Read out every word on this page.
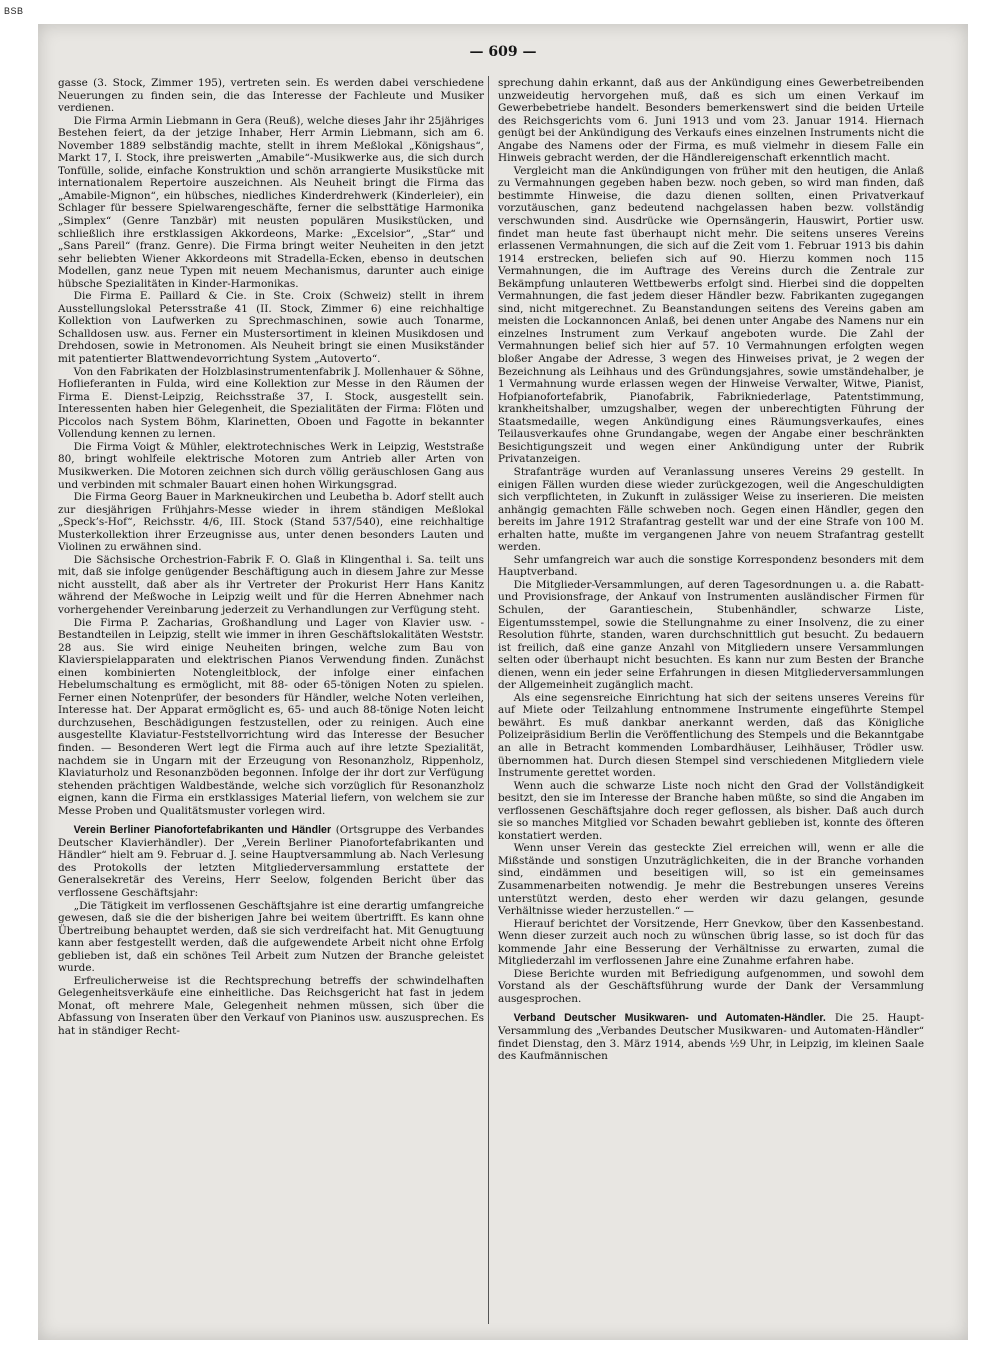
BSB
— 609 —

gasse (3. Stock, Zimmer 195), vertreten sein. Es werden dabei verschiedene Neuerungen zu finden sein, die das Interesse der Fachleute und Musiker verdienen.

Die Firma Armin Liebmann in Gera (Reuß), welche dieses Jahr ihr 25jähriges Bestehen feiert, da der jetzige Inhaber, Herr Armin Liebmann, sich am 6. November 1889 selbständig machte, stellt in ihrem Meßlokal „Königshaus“, Markt 17, I. Stock, ihre preiswerten „Amabile“-Musikwerke aus, die sich durch Tonfülle, solide, einfache Konstruktion und schön arrangierte Musikstücke mit internationalem Repertoire auszeichnen. Als Neuheit bringt die Firma das „Amabile-Mignon“, ein hübsches, niedliches Kinderdrehwerk (Kinderleier), ein Schlager für bessere Spielwarengeschäfte, ferner die selbsttätige Harmonika „Simplex“ (Genre Tanzbär) mit neusten populären Musikstücken, und schließlich ihre erstklassigen Akkordeons, Marke: „Excelsior“, „Star“ und „Sans Pareil“ (franz. Genre). Die Firma bringt weiter Neuheiten in den jetzt sehr beliebten Wiener Akkordeons mit Stradella-Ecken, ebenso in deutschen Modellen, ganz neue Typen mit neuem Mechanismus, darunter auch einige hübsche Spezialitäten in Kinder-Harmonikas.

Die Firma E. Paillard & Cie. in Ste. Croix (Schweiz) stellt in ihrem Ausstellungslokal Petersstraße 41 (II. Stock, Zimmer 6) eine reichhaltige Kollektion von Laufwerken zu Sprechmaschinen, sowie auch Tonarme, Schalldosen usw. aus. Ferner ein Mustersortiment in kleinen Musikdosen und Drehdosen, sowie in Metronomen. Als Neuheit bringt sie einen Musikständer mit patentierter Blattwendevorrichtung System „Autoverto“.

Von den Fabrikaten der Holzblasinstrumentenfabrik J. Mollenhauer & Söhne, Hoflieferanten in Fulda, wird eine Kollektion zur Messe in den Räumen der Firma E. Dienst-Leipzig, Reichsstraße 37, I. Stock, ausgestellt sein. Interessenten haben hier Gelegenheit, die Spezialitäten der Firma: Flöten und Piccolos nach System Böhm, Klarinetten, Oboen und Fagotte in bekannter Vollendung kennen zu lernen.

Die Firma Voigt & Mühler, elektrotechnisches Werk in Leipzig, Weststraße 80, bringt wohlfeile elektrische Motoren zum Antrieb aller Arten von Musikwerken. Die Motoren zeichnen sich durch völlig geräuschlosen Gang aus und verbinden mit schmaler Bauart einen hohen Wirkungsgrad.

Die Firma Georg Bauer in Markneukirchen und Leubetha b. Adorf stellt auch zur diesjährigen Frühjahrs-Messe wieder in ihrem ständigen Meßlokal „Speck’s-Hof“, Reichsstr. 4/6, III. Stock (Stand 537/540), eine reichhaltige Musterkollektion ihrer Erzeugnisse aus, unter denen besonders Lauten und Violinen zu erwähnen sind.

Die Sächsische Orchestrion-Fabrik F. O. Glaß in Klingenthal i. Sa. teilt uns mit, daß sie infolge genügender Beschäftigung auch in diesem Jahre zur Messe nicht ausstellt, daß aber als ihr Vertreter der Prokurist Herr Hans Kanitz während der Meßwoche in Leipzig weilt und für die Herren Abnehmer nach vorhergehender Vereinbarung jederzeit zu Verhandlungen zur Verfügung steht.

Die Firma P. Zacharias, Großhandlung und Lager von Klavier usw. -Bestandteilen in Leipzig, stellt wie immer in ihren Geschäftslokalitäten Weststr. 28 aus. Sie wird einige Neuheiten bringen, welche zum Bau von Klavierspielapparaten und elektrischen Pianos Verwendung finden. Zunächst einen kombinierten Notengleitblock, der infolge einer einfachen Hebelumschaltung es ermöglicht, mit 88- oder 65-tönigen Noten zu spielen. Ferner einen Notenprüfer, der besonders für Händler, welche Noten verleihen, Interesse hat. Der Apparat ermöglicht es, 65- und auch 88-tönige Noten leicht durchzusehen, Beschädigungen festzustellen, oder zu reinigen. Auch eine ausgestellte Klaviatur-Feststellvorrichtung wird das Interesse der Besucher finden. — Besonderen Wert legt die Firma auch auf ihre letzte Spezialität, nachdem sie in Ungarn mit der Erzeugung von Resonanzholz, Rippenholz, Klaviaturholz und Resonanzböden begonnen. Infolge der ihr dort zur Verfügung stehenden prächtigen Waldbestände, welche sich vorzüglich für Resonanzholz eignen, kann die Firma ein erstklassiges Material liefern, von welchem sie zur Messe Proben und Qualitätsmuster vorlegen wird.

Verein Berliner Pianofortefabrikanten und Händler (Ortsgruppe des Verbandes Deutscher Klavierhändler). Der „Verein Berliner Pianofortefabrikanten und Händler“ hielt am 9. Februar d. J. seine Hauptversammlung ab. Nach Verlesung des Protokolls der letzten Mitgliederversammlung erstattete der Generalsekretär des Vereins, Herr Seelow, folgenden Bericht über das verflossene Geschäftsjahr:

„Die Tätigkeit im verflossenen Geschäftsjahre ist eine derartig umfangreiche gewesen, daß sie die der bisherigen Jahre bei weitem übertrifft. Es kann ohne Übertreibung behauptet werden, daß sie sich verdreifacht hat. Mit Genugtuung kann aber festgestellt werden, daß die aufgewendete Arbeit nicht ohne Erfolg geblieben ist, daß ein schönes Teil Arbeit zum Nutzen der Branche geleistet wurde.

Erfreulicherweise ist die Rechtsprechung betreffs der schwindelhaften Gelegenheitsverkäufe eine einheitliche. Das Reichsgericht hat fast in jedem Monat, oft mehrere Male, Gelegenheit nehmen müssen, sich über die Abfassung von Inseraten über den Verkauf von Pianinos usw. auszusprechen. Es hat in ständiger Recht-

sprechung dahin erkannt, daß aus der Ankündigung eines Gewerbetreibenden unzweideutig hervorgehen muß, daß es sich um einen Verkauf im Gewerbebetriebe handelt. Besonders bemerkenswert sind die beiden Urteile des Reichsgerichts vom 6. Juni 1913 und vom 23. Januar 1914. Hiernach genügt bei der Ankündigung des Verkaufs eines einzelnen Instruments nicht die Angabe des Namens oder der Firma, es muß vielmehr in diesem Falle ein Hinweis gebracht werden, der die Händlereigenschaft erkenntlich macht.

Vergleicht man die Ankündigungen von früher mit den heutigen, die Anlaß zu Vermahnungen gegeben haben bezw. noch geben, so wird man finden, daß bestimmte Hinweise, die dazu dienen sollten, einen Privatverkauf vorzutäuschen, ganz bedeutend nachgelassen haben bezw. vollständig verschwunden sind. Ausdrücke wie Opernsängerin, Hauswirt, Portier usw. findet man heute fast überhaupt nicht mehr. Die seitens unseres Vereins erlassenen Vermahnungen, die sich auf die Zeit vom 1. Februar 1913 bis dahin 1914 erstrecken, beliefen sich auf 90. Hierzu kommen noch 115 Vermahnungen, die im Auftrage des Vereins durch die Zentrale zur Bekämpfung unlauteren Wettbewerbs erfolgt sind. Hierbei sind die doppelten Vermahnungen, die fast jedem dieser Händler bezw. Fabrikanten zugegangen sind, nicht mitgerechnet. Zu Beanstandungen seitens des Vereins gaben am meisten die Lockannoncen Anlaß, bei denen unter Angabe des Namens nur ein einzelnes Instrument zum Verkauf angeboten wurde. Die Zahl der Vermahnungen belief sich hier auf 57. 10 Vermahnungen erfolgten wegen bloßer Angabe der Adresse, 3 wegen des Hinweises privat, je 2 wegen der Bezeichnung als Leihhaus und des Gründungsjahres, sowie umständehalber, je 1 Vermahnung wurde erlassen wegen der Hinweise Verwalter, Witwe, Pianist, Hofpianofortefabrik, Pianofabrik, Fabrikniederlage, Patentstimmung, krankheitshalber, umzugshalber, wegen der unberechtigten Führung der Staatsmedaille, wegen Ankündigung eines Räumungsverkaufes, eines Teilausverkaufes ohne Grundangabe, wegen der Angabe einer beschränkten Besichtigungszeit und wegen einer Ankündigung unter der Rubrik Privatanzeigen.

Strafanträge wurden auf Veranlassung unseres Vereins 29 gestellt. In einigen Fällen wurden diese wieder zurückgezogen, weil die Angeschuldigten sich verpflichteten, in Zukunft in zulässiger Weise zu inserieren. Die meisten anhängig gemachten Fälle schweben noch. Gegen einen Händler, gegen den bereits im Jahre 1912 Strafantrag gestellt war und der eine Strafe von 100 M. erhalten hatte, mußte im vergangenen Jahre von neuem Strafantrag gestellt werden.

Sehr umfangreich war auch die sonstige Korrespondenz besonders mit dem Hauptverband.

Die Mitglieder-Versammlungen, auf deren Tagesordnungen u. a. die Rabatt- und Provisionsfrage, der Ankauf von Instrumenten ausländischer Firmen für Schulen, der Garantieschein, Stubenhändler, schwarze Liste, Eigentumsstempel, sowie die Stellungnahme zu einer Insolvenz, die zu einer Resolution führte, standen, waren durchschnittlich gut besucht. Zu bedauern ist freilich, daß eine ganze Anzahl von Mitgliedern unsere Versammlungen selten oder überhaupt nicht besuchten. Es kann nur zum Besten der Branche dienen, wenn ein jeder seine Erfahrungen in diesen Mitgliederversammlungen der Allgemeinheit zugänglich macht.

Als eine segensreiche Einrichtung hat sich der seitens unseres Vereins für auf Miete oder Teilzahlung entnommene Instrumente eingeführte Stempel bewährt. Es muß dankbar anerkannt werden, daß das Königliche Polizeipräsidium Berlin die Veröffentlichung des Stempels und die Bekanntgabe an alle in Betracht kommenden Lombardhäuser, Leihhäuser, Trödler usw. übernommen hat. Durch diesen Stempel sind verschiedenen Mitgliedern viele Instrumente gerettet worden.

Wenn auch die schwarze Liste noch nicht den Grad der Vollständigkeit besitzt, den sie im Interesse der Branche haben müßte, so sind die Angaben im verflossenen Geschäftsjahre doch reger geflossen, als bisher. Daß auch durch sie so manches Mitglied vor Schaden bewahrt geblieben ist, konnte des öfteren konstatiert werden.

Wenn unser Verein das gesteckte Ziel erreichen will, wenn er alle die Mißstände und sonstigen Unzuträglichkeiten, die in der Branche vorhanden sind, eindämmen und beseitigen will, so ist ein gemeinsames Zusammenarbeiten notwendig. Je mehr die Bestrebungen unseres Vereins unterstützt werden, desto eher werden wir dazu gelangen, gesunde Verhältnisse wieder herzustellen.“ —

Hierauf berichtet der Vorsitzende, Herr Gnevkow, über den Kassenbestand. Wenn dieser zurzeit auch noch zu wünschen übrig lasse, so ist doch für das kommende Jahr eine Besserung der Verhältnisse zu erwarten, zumal die Mitgliederzahl im verflossenen Jahre eine Zunahme erfahren habe.

Diese Berichte wurden mit Befriedigung aufgenommen, und sowohl dem Vorstand als der Geschäftsführung wurde der Dank der Versammlung ausgesprochen.

Verband Deutscher Musikwaren- und Automaten-Händler. Die 25. Haupt-Versammlung des „Verbandes Deutscher Musikwaren- und Automaten-Händler“ findet Dienstag, den 3. März 1914, abends ½9 Uhr, in Leipzig, im kleinen Saale des Kaufmännischen
